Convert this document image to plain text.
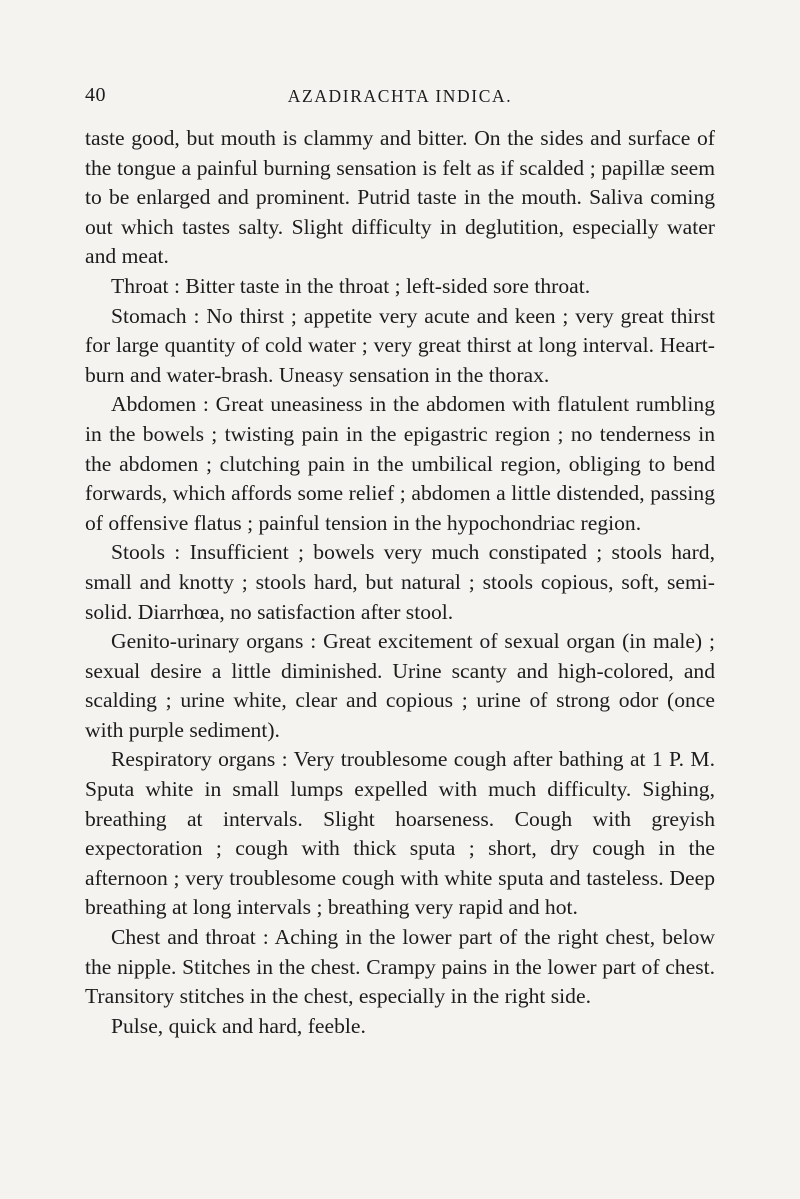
40	AZADIRACHTA INDICA.

taste good, but mouth is clammy and bitter. On the sides and surface of the tongue a painful burning sensation is felt as if scalded ; papillæ seem to be enlarged and prominent. Putrid taste in the mouth. Saliva coming out which tastes salty. Slight difficulty in deglutition, especially water and meat.

Throat : Bitter taste in the throat ; left-sided sore throat.

Stomach : No thirst ; appetite very acute and keen ; very great thirst for large quantity of cold water ; very great thirst at long interval. Heart-burn and water-brash. Uneasy sensation in the thorax.

Abdomen : Great uneasiness in the abdomen with flatulent rumbling in the bowels ; twisting pain in the epigastric region ; no tenderness in the abdomen ; clutching pain in the umbilical region, obliging to bend forwards, which affords some relief ; abdomen a little distended, passing of offensive flatus ; painful tension in the hypochondriac region.

Stools : Insufficient ; bowels very much constipated ; stools hard, small and knotty ; stools hard, but natural ; stools copious, soft, semi-solid. Diarrhœa, no satisfaction after stool.

Genito-urinary organs : Great excitement of sexual organ (in male) ; sexual desire a little diminished. Urine scanty and high-colored, and scalding ; urine white, clear and copious ; urine of strong odor (once with purple sediment).

Respiratory organs : Very troublesome cough after bathing at 1 P. M. Sputa white in small lumps expelled with much difficulty. Sighing, breathing at intervals. Slight hoarseness. Cough with greyish expectoration ; cough with thick sputa ; short, dry cough in the afternoon ; very troublesome cough with white sputa and tasteless. Deep breathing at long intervals ; breathing very rapid and hot.

Chest and throat : Aching in the lower part of the right chest, below the nipple. Stitches in the chest. Crampy pains in the lower part of chest. Transitory stitches in the chest, especially in the right side.

Pulse, quick and hard, feeble.
